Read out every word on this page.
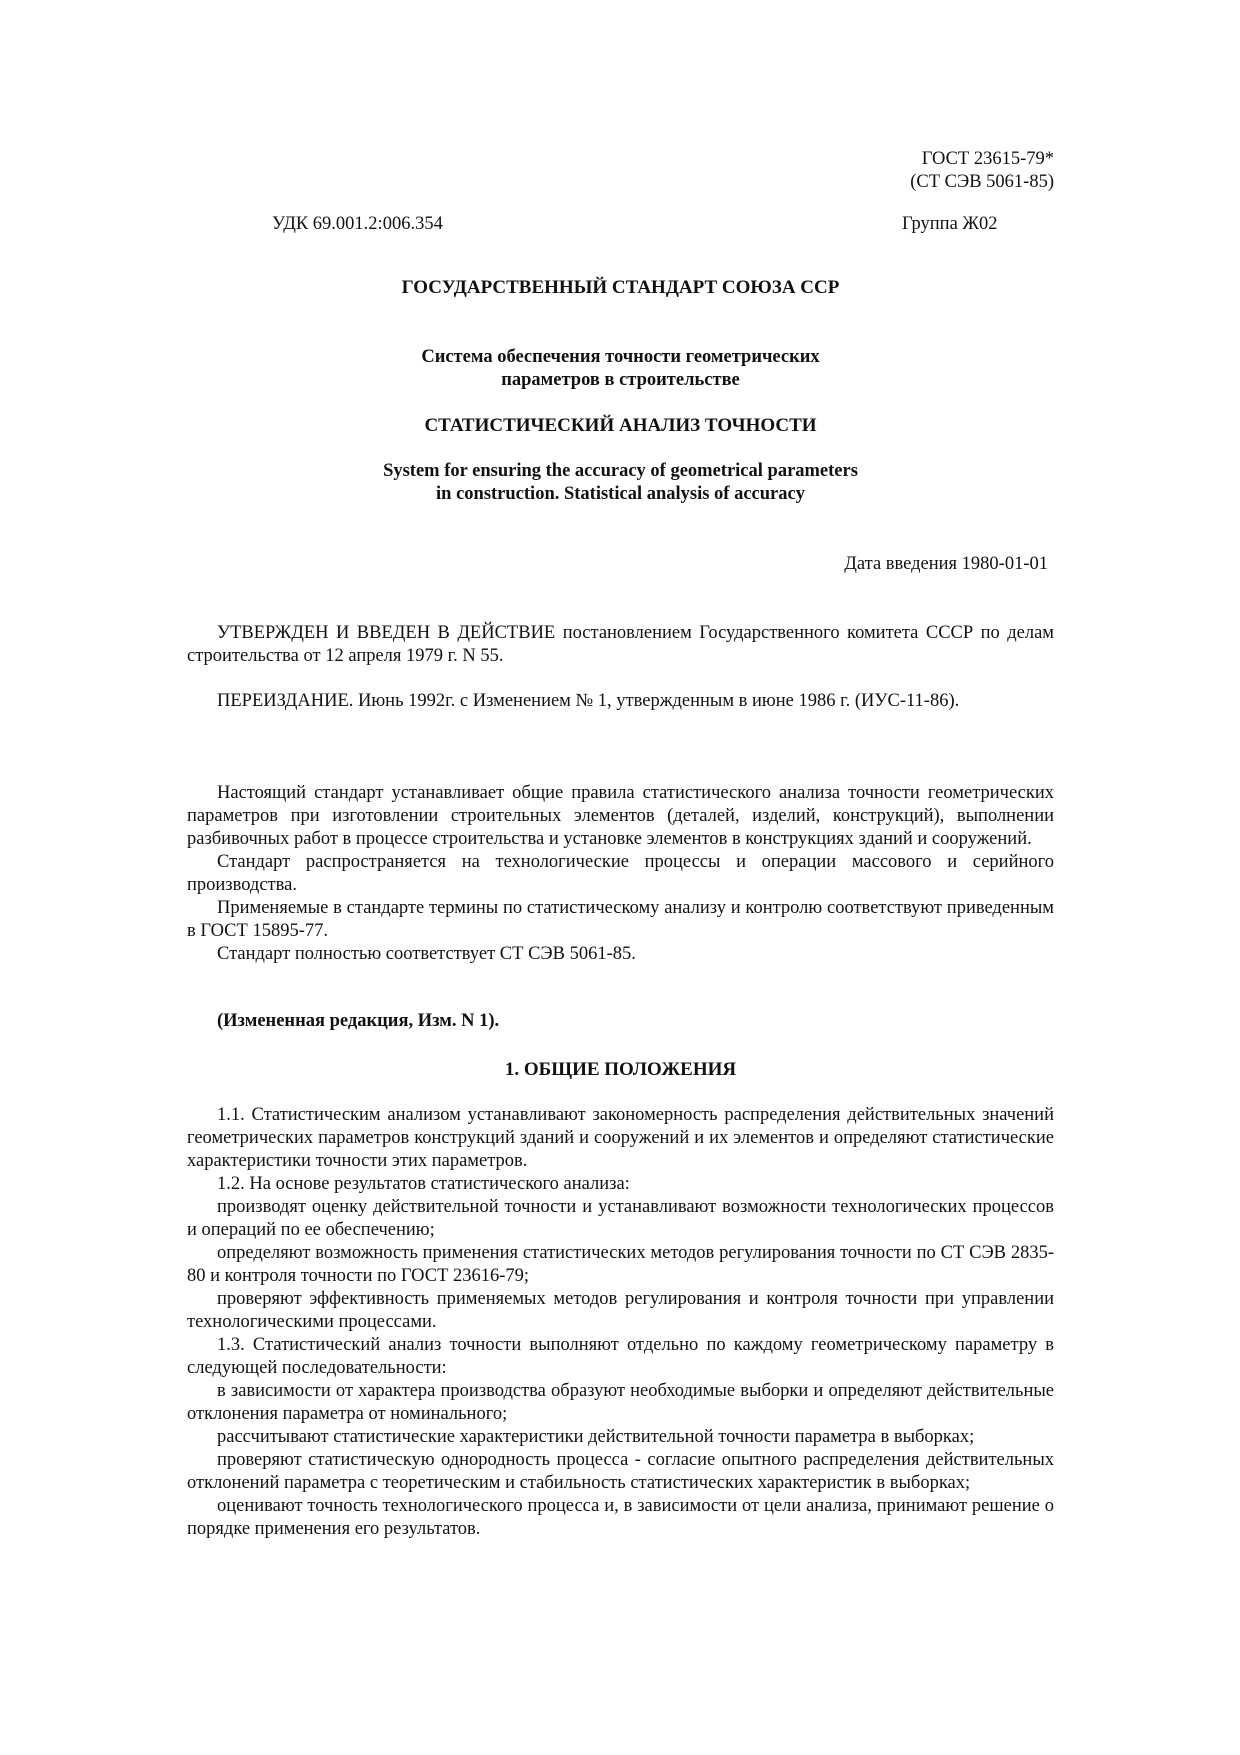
ГОСТ 23615-79*
(СТ СЭВ 5061-85)
УДК 69.001.2:006.354	Группа Ж02
ГОСУДАРСТВЕННЫЙ СТАНДАРТ СОЮЗА ССР
Система обеспечения точности геометрических
параметров в строительстве
СТАТИСТИЧЕСКИЙ АНАЛИЗ ТОЧНОСТИ
System for ensuring the accuracy of geometrical parameters
in construction. Statistical analysis of accuracy
Дата введения 1980-01-01

УТВЕРЖДЕН И ВВЕДЕН В ДЕЙСТВИЕ постановлением Государственного комитета СССР по делам строительства от 12 апреля 1979 г. N 55.

ПЕРЕИЗДАНИЕ. Июнь 1992г. с Изменением № 1, утвержденным в июне 1986 г. (ИУС-11-86).

Настоящий стандарт устанавливает общие правила статистического анализа точности геометрических параметров при изготовлении строительных элементов (деталей, изделий, конструкций), выполнении разбивочных работ в процессе строительства и установке элементов в конструкциях зданий и сооружений.

Стандарт распространяется на технологические процессы и операции массового и серийного производства.

Применяемые в стандарте термины по статистическому анализу и контролю соответствуют приведенным в ГОСТ 15895-77.

Стандарт полностью соответствует СТ СЭВ 5061-85.

(Измененная редакция, Изм. N 1).

1. ОБЩИЕ ПОЛОЖЕНИЯ

1.1. Статистическим анализом устанавливают закономерность распределения действительных значений геометрических параметров конструкций зданий и сооружений и их элементов и определяют статистические характеристики точности этих параметров.

1.2. На основе результатов статистического анализа:

производят оценку действительной точности и устанавливают возможности технологических процессов и операций по ее обеспечению;

определяют возможность применения статистических методов регулирования точности по СТ СЭВ 2835-80 и контроля точности по ГОСТ 23616-79;

проверяют эффективность применяемых методов регулирования и контроля точности при управлении технологическими процессами.

1.3. Статистический анализ точности выполняют отдельно по каждому геометрическому параметру в следующей последовательности:

в зависимости от характера производства образуют необходимые выборки и определяют действительные отклонения параметра от номинального;

рассчитывают статистические характеристики действительной точности параметра в выборках;

проверяют статистическую однородность процесса - согласие опытного распределения действительных отклонений параметра с теоретическим и стабильность статистических характеристик в выборках;

оценивают точность технологического процесса и, в зависимости от цели анализа, принимают решение о порядке применения его результатов.
